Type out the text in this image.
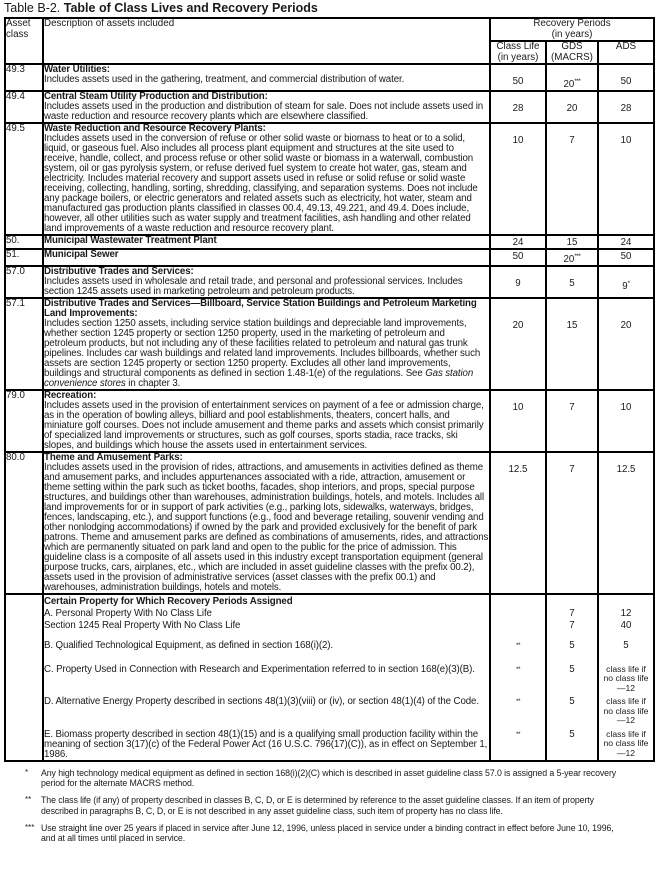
Table B-2. Table of Class Lives and Recovery Periods
Asset
class
	Description of assets included	Recovery Periods
(in years)

Class Life
(in years)

GDS
(MACRS)
	ADS
49.3	Water Utilities:
Includes assets used in the gathering, treatment, and commercial distribution of water.	50	20***	50

49.4	Central Steam Utility Production and Distribution:
Includes assets used in the production and distribution of steam for sale. Does not include assets used in waste reduction and resource recovery plants which are elsewhere classified.	28	20	28

49.5	Waste Reduction and Resource Recovery Plants:
Includes assets used in the conversion of refuse or other solid waste or biomass to heat or to a solid, liquid, or gaseous fuel. Also includes all process plant equipment and structures at the site used to receive, handle, collect, and process refuse or other solid waste or biomass in a waterwall, combustion system, oil or gas pyrolysis system, or refuse derived fuel system to create hot water, gas, steam and electricity. Includes material recovery and support assets used in refuse or solid refuse or solid waste receiving, collecting, handling, sorting, shredding, classifying, and separation systems. Does not include any package boilers, or electric generators and related assets such as electricity, hot water, steam and manufactured gas production plants classified in classes 00.4, 49.13, 49.221, and 49.4. Does include, however, all other utilities such as water supply and treatment facilities, ash handling and other related land improvements of a waste reduction and resource recovery plant.	10	7	10

50.	Municipal Wastewater Treatment Plant	24	15	24

51.	Municipal Sewer	50	20***	50

57.0	Distributive Trades and Services:
Includes assets used in wholesale and retail trade, and personal and professional services. Includes section 1245 assets used in marketing petroleum and petroleum products.	9	5	9*

57.1	Distributive Trades and Services—Billboard, Service Station Buildings and Petroleum Marketing Land Improvements:
Includes section 1250 assets, including service station buildings and depreciable land improvements, whether section 1245 property or section 1250 property, used in the marketing of petroleum and petroleum products, but not including any of these facilities related to petroleum and natural gas trunk pipelines. Includes car wash buildings and related land improvements. Includes billboards, whether such assets are section 1245 property or section 1250 property. Excludes all other land improvements, buildings and structural components as defined in section 1.48-1(e) of the regulations. See Gas station convenience stores in chapter 3.	20	15	20

79.0	Recreation:
Includes assets used in the provision of entertainment services on payment of a fee or admission charge, as in the operation of bowling alleys, billiard and pool establishments, theaters, concert halls, and miniature golf courses. Does not include amusement and theme parks and assets which consist primarily of specialized land improvements or structures, such as golf courses, sports stadia, race tracks, ski slopes, and buildings which house the assets used in entertainment services.	10	7	10

80.0	Theme and Amusement Parks:
Includes assets used in the provision of rides, attractions, and amusements in activities defined as theme and amusement parks, and includes appurtenances associated with a ride, attraction, amusement or theme setting within the park such as ticket booths, facades, shop interiors, and props, special purpose structures, and buildings other than warehouses, administration buildings, hotels, and motels. Includes all land improvements for or in support of park activities (e.g., parking lots, sidewalks, waterways, bridges, fences, landscaping, etc.), and support functions (e.g., food and beverage retailing, souvenir vending and other nonlodging accommodations) if owned by the park and provided exclusively for the benefit of park patrons. Theme and amusement parks are defined as combinations of amusements, rides, and attractions which are permanently situated on park land and open to the public for the price of admission. This guideline class is a composite of all assets used in this industry except transportation equipment (general purpose trucks, cars, airplanes, etc., which are included in asset guideline classes with the prefix 00.2), assets used in the provision of administrative services (asset classes with the prefix 00.1) and warehouses, administration buildings, hotels and motels.	12.5	7	12.5

	Certain Property for Which Recovery Periods Assigned			

	A. Personal Property With No Class Life		7	12
	Section 1245 Real Property With No Class Life		7	40
	B. Qualified Technological Equipment, as defined in section 168(i)(2).	**	5	5
	C. Property Used in Connection with Research and Experimentation referred to in section 168(e)(3)(B).	**	5	class life if no class life—12

	D. Alternative Energy Property described in sections 48(1)(3)(viii) or (iv), or section 48(1)(4) of the Code.	**	5	class life if no class life—12

	E. Biomass property described in section 48(1)(15) and is a qualifying small production facility within the meaning of section 3(17)(c) of the Federal Power Act (16 U.S.C. 796(17)(C)), as in effect on September 1, 1986.	**	5	class life if no class life—12
*	Any high technology medical equipment as defined in section 168(i)(2)(C) which is described in asset guideline class 57.0 is assigned a 5-year recovery period for the alternate MACRS method.
**	The class life (if any) of property described in classes B, C, D, or E is determined by reference to the asset guideline classes. If an item of property described in paragraphs B, C, D, or E is not described in any asset guideline class, such item of property has no class life.
*** Use straight line over 25 years if placed in service after June 12, 1996, unless placed in service under a binding contract in effect before June 10, 1996, and at all times until placed in service.
